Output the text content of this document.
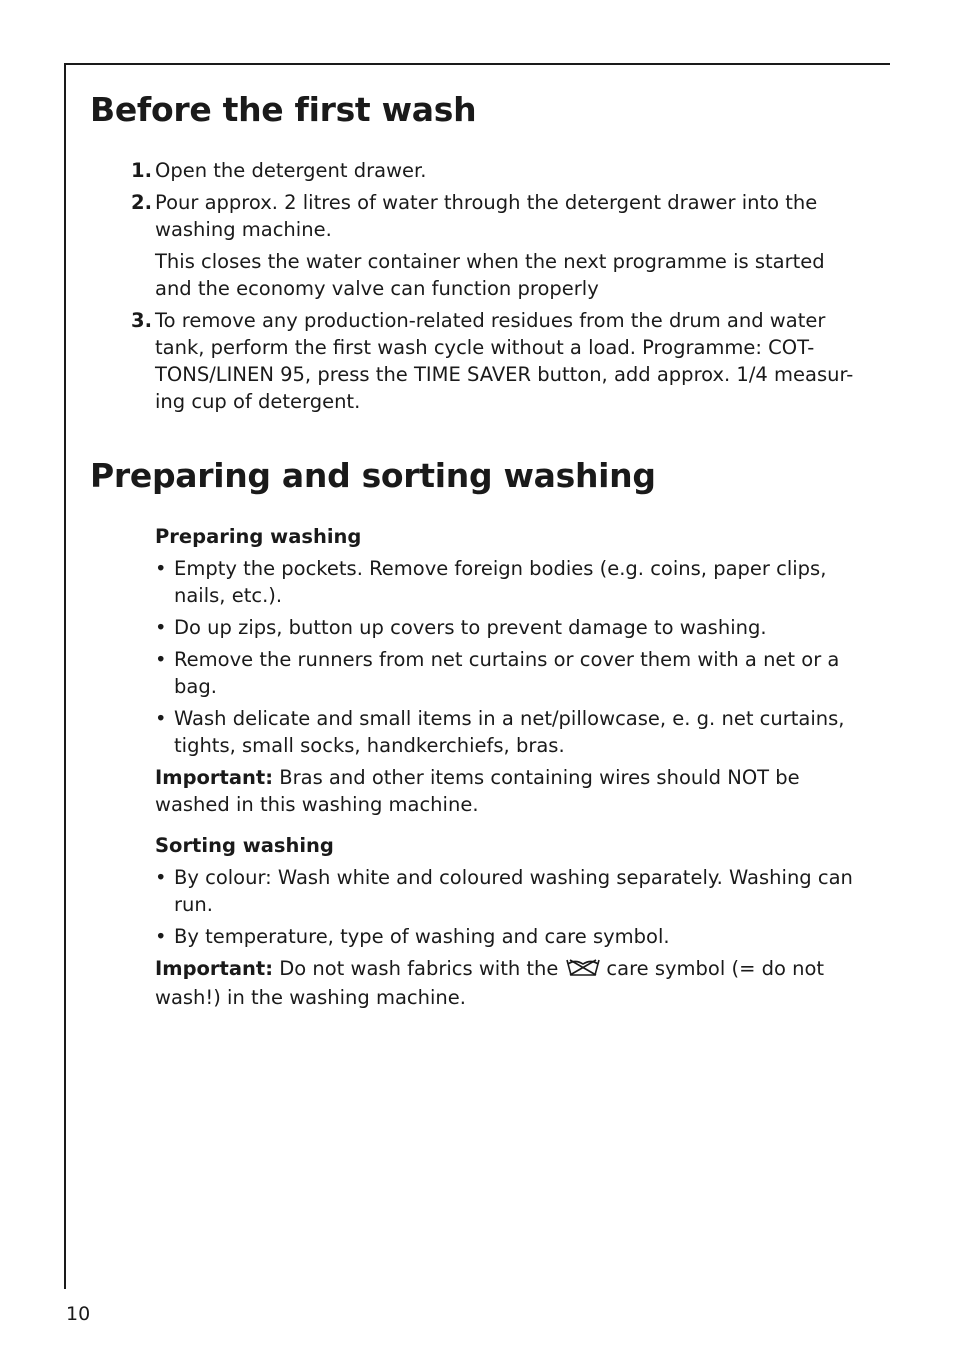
Before the first wash
1. Open the detergent drawer.

2. Pour approx. 2 litres of water through the detergent drawer into the washing machine.

This closes the water container when the next programme is started and the economy valve can function properly

3. To remove any production-related residues from the drum and water tank, perform the first wash cycle without a load. Programme: COT-TONS/LINEN 95, press the TIME SAVER button, add approx. 1/4 measur-ing cup of detergent.

Preparing and sorting washing
Preparing washing
• Empty the pockets. Remove foreign bodies (e.g. coins, paper clips, nails, etc.).
• Do up zips, button up covers to prevent damage to washing.
• Remove the runners from net curtains or cover them with a net or a bag.
• Wash delicate and small items in a net/pillowcase, e. g. net curtains, tights, small socks, handkerchiefs, bras.

Important: Bras and other items containing wires should NOT be washed in this washing machine.

Sorting washing
• By colour: Wash white and coloured washing separately. Washing can run.
• By temperature, type of washing and care symbol.

Important: Do not wash fabrics with the care symbol (= do not wash!) in the washing machine.

10
